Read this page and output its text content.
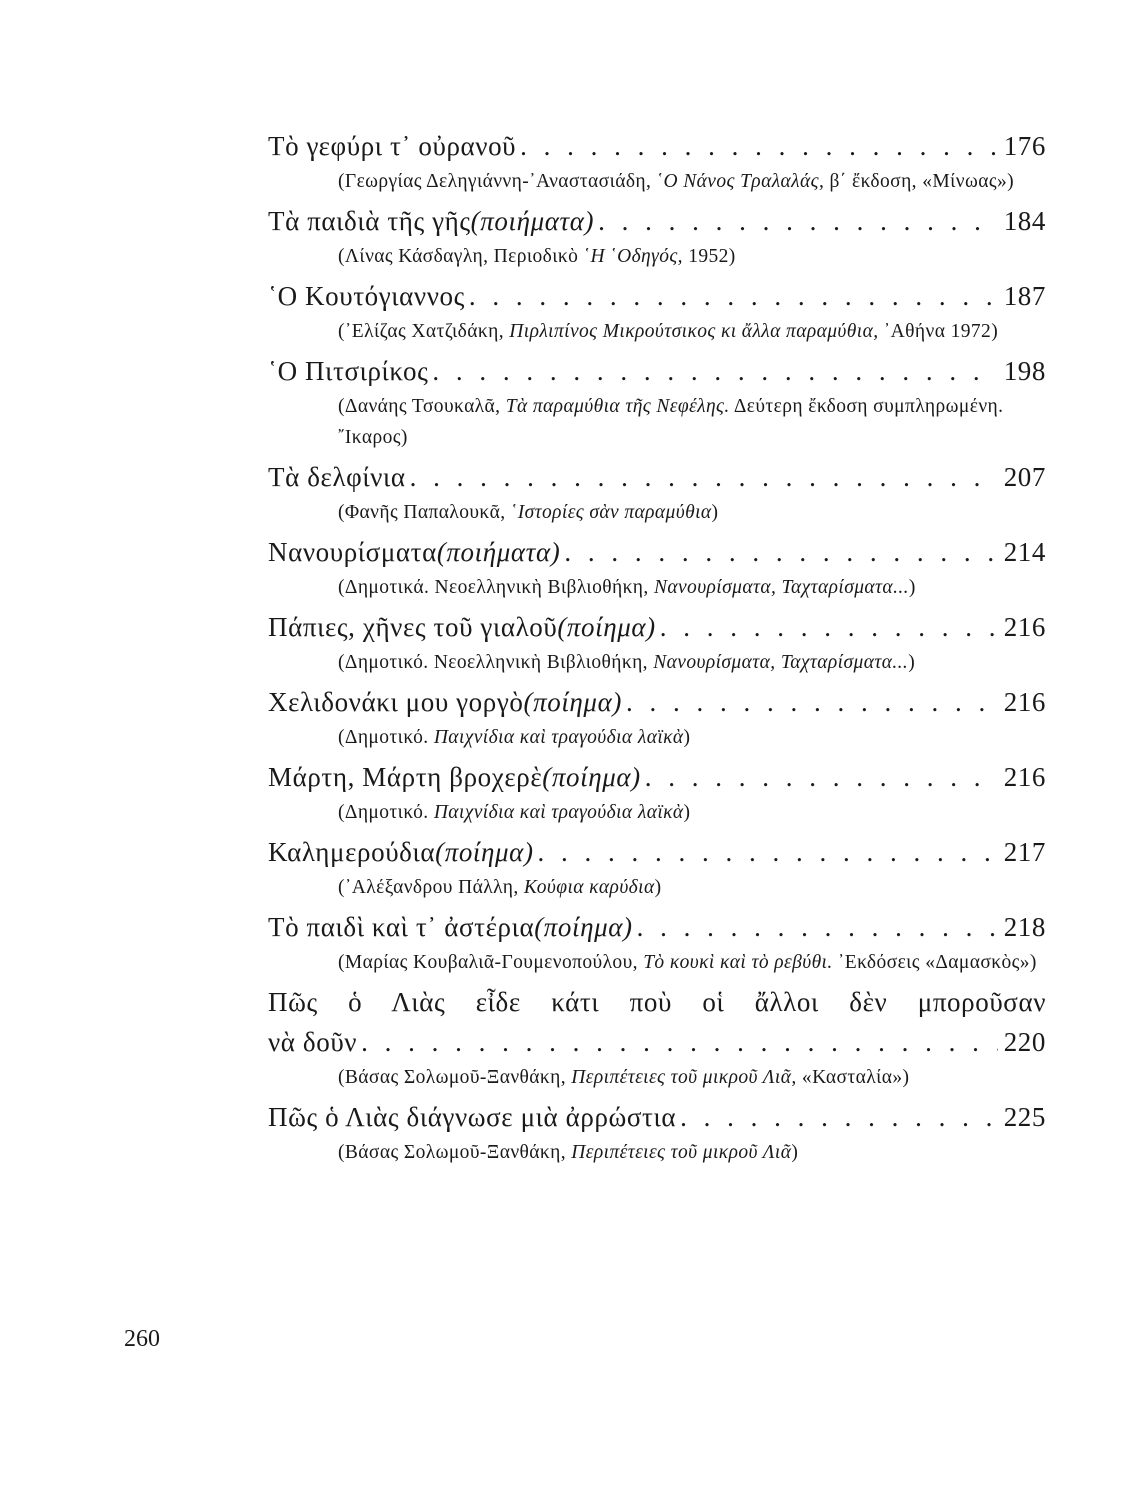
Τὸ γεφύρι τ᾽ οὐρανοῦ . . .	176
(Γεωργίας Δεληγιάννη-᾿Αναστασιάδη, ῾Ο Νάνος Τραλαλάς, β΄ ἔκδοση, «Μίνωας»)
Τὰ παιδιὰ τῆς γῆς (ποιήματα) . . .	184
(Λίνας Κάσδαγλη, Περιοδικὸ ῾Η ῾Οδηγός, 1952)
῾Ο Κουτόγιαννος . . .	187
(᾿Ελίζας Χατζιδάκη, Πιρλιπίνος Μικρούτσικος κι ἄλλα παραμύθια, ᾿Αθήνα 1972)
῾Ο Πιτσιρίκος . . .	198
(Δανάης Τσουκαλᾶ, Τὰ παραμύθια τῆς Νεφέλης. Δεύτερη ἔκδοση συμπληρωμένη. ῎Ικαρος)
Τὰ δελφίνια . . .	207
(Φανῆς Παπαλουκᾶ, ῾Ιστορίες σὰν παραμύθια)
Νανουρίσματα (ποιήματα) . . .	214
(Δημοτικά. Νεοελληνικὴ Βιβλιοθήκη, Νανουρίσματα, Ταχταρίσματα...)
Πάπιες, χῆνες τοῦ γιαλοῦ (ποίημα) . . .	216
(Δημοτικό. Νεοελληνικὴ Βιβλιοθήκη, Νανουρίσματα, Ταχταρίσματα...)
Χελιδονάκι μου γοργὸ (ποίημα) . . .	216
(Δημοτικό. Παιχνίδια καὶ τραγούδια λαϊκὰ)
Μάρτη, Μάρτη βροχερὲ (ποίημα) . . .	216
(Δημοτικό. Παιχνίδια καὶ τραγούδια λαϊκὰ)
Καλημερούδια (ποίημα) . . .	217
(᾿Αλέξανδρου Πάλλη, Κούφια καρύδια)
Τὸ παιδὶ καὶ τ᾽ ἀστέρια (ποίημα) . . .	218
(Μαρίας Κουβαλιᾶ-Γουμενοπούλου, Τὸ κουκὶ καὶ τὸ ρεβύθι. ᾿Εκδόσεις «Δαμασκὸς»)
Πῶς ὁ Λιὰς εἶδε κάτι ποὺ οἱ ἄλλοι δὲν μποροῦσαν
νὰ δοῦν . . .	220
(Βάσας Σολωμοῦ-Ξανθάκη, Περιπέτειες τοῦ μικροῦ Λιᾶ, «Κασταλία»)
Πῶς ὁ Λιὰς διάγνωσε μιὰ ἀρρώστια . . .	225
(Βάσας Σολωμοῦ-Ξανθάκη, Περιπέτειες τοῦ μικροῦ Λιᾶ)
260
